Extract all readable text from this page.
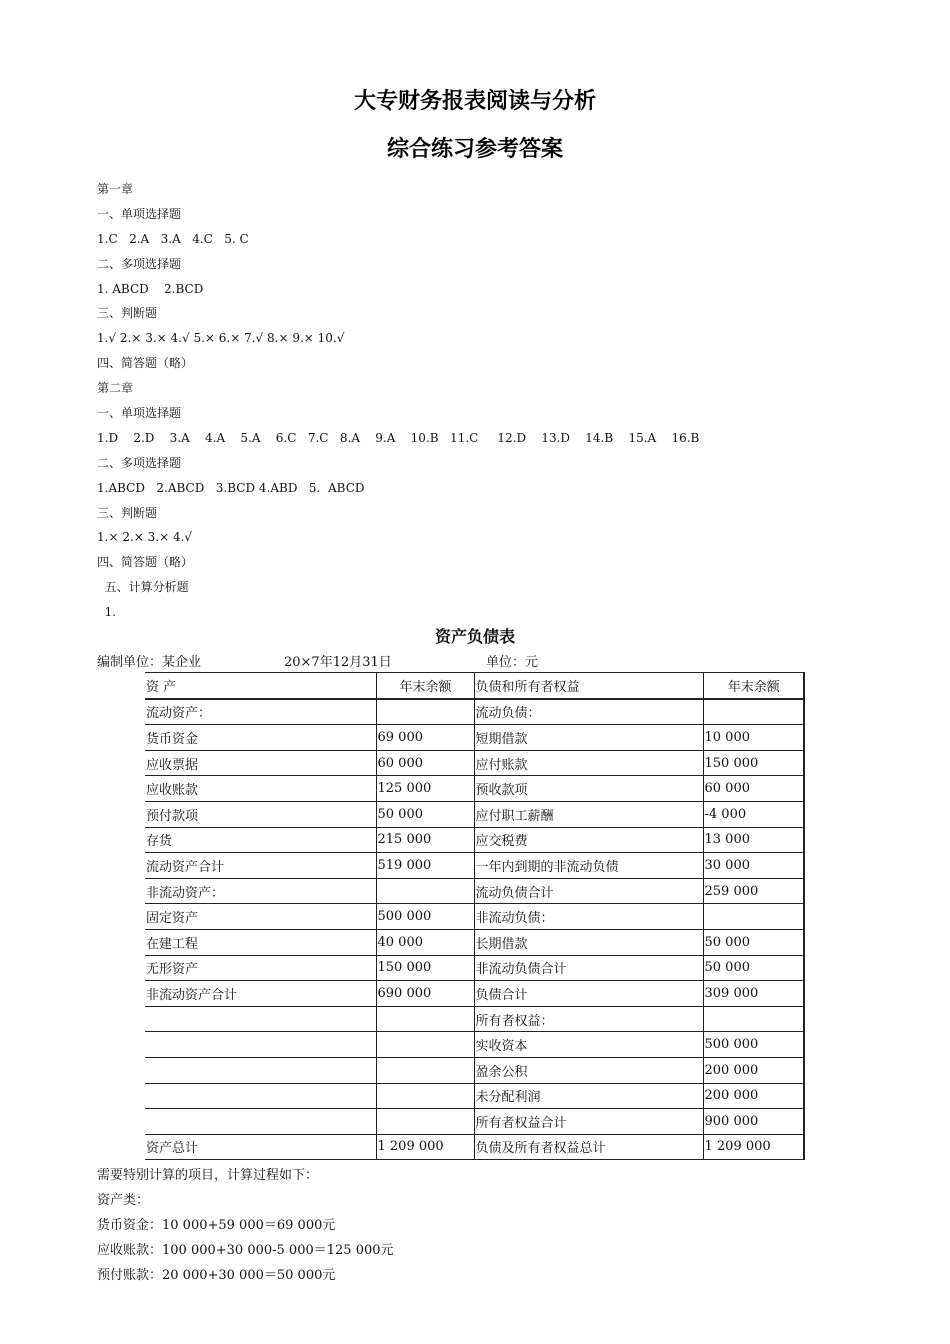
大专财务报表阅读与分析
综合练习参考答案
第一章
一、单项选择题
1.C   2.A   3.A   4.C   5. C
二、多项选择题
1. ABCD    2.BCD
三、判断题
1.√ 2.× 3.× 4.√ 5.× 6.× 7.√ 8.× 9.× 10.√
四、简答题（略）
第二章
一、单项选择题
1.D    2.D    3.A    4.A    5.A    6.C   7.C   8.A    9.A    10.B   11.C     12.D    13.D    14.B    15.A    16.B
二、多项选择题
1.ABCD   2.ABCD   3.BCD 4.ABD   5.  ABCD
三、判断题
1.× 2.× 3.× 4.√
四、简答题（略）
五、计算分析题
1.
资产负债表
编制单位：某企业	20×7年12月31日	单位：元
资 产	年末余额	负债和所有者权益	年末余额
流动资产：		流动负债：	
货币资金	69 000	短期借款	10 000
应收票据	60 000	应付账款	150 000
应收账款	125 000	预收款项	60 000
预付款项	50 000	应付职工薪酬	-4 000
存货	215 000	应交税费	13 000
流动资产合计	519 000	一年内到期的非流动负债	30 000
非流动资产：		流动负债合计	259 000
固定资产	500 000	非流动负债：	
在建工程	40 000	长期借款	50 000
无形资产	150 000	非流动负债合计	50 000
非流动资产合计	690 000	负债合计	309 000
		所有者权益：	
		实收资本	500 000
		盈余公积	200 000
		未分配利润	200 000
		所有者权益合计	900 000
资产总计	1 209 000	负债及所有者权益总计	1 209 000
需要特别计算的项目，计算过程如下：
资产类：
货币资金：10 000+59 000＝69 000元
应收账款：100 000+30 000-5 000＝125 000元
预付账款：20 000+30 000＝50 000元
